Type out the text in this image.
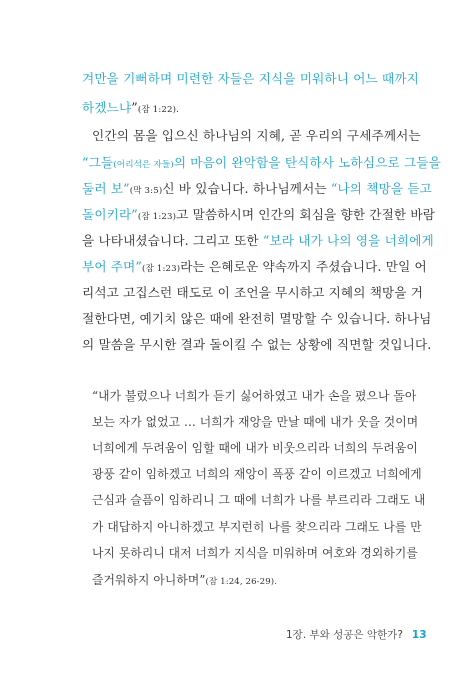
겨만을 기뻐하며 미련한 자들은 지식을 미워하니 어느 때까지
하겠느냐”(잠 1:22).
인간의 몸을 입으신 하나님의 지혜, 곧 우리의 구세주께서는
“그들(어리석은 자들)의 마음이 완악함을 탄식하사 노하심으로 그들을
둘러 보”(막 3:5)신 바 있습니다. 하나님께서는 “나의 책망을 듣고
돌이키라”(잠 1:23)고 말씀하시며 인간의 회심을 향한 간절한 바람
을 나타내셨습니다. 그리고 또한 “보라 내가 나의 영을 너희에게
부어 주며”(잠 1:23)라는 은혜로운 약속까지 주셨습니다. 만일 어
리석고 고집스런 태도로 이 조언을 무시하고 지혜의 책망을 거
절한다면, 예기치 않은 때에 완전히 멸망할 수 있습니다. 하나님
의 말씀을 무시한 결과 돌이킬 수 없는 상황에 직면할 것입니다.
“내가 불렀으나 너희가 듣기 싫어하였고 내가 손을 폈으나 돌아
보는 자가 없었고 … 너희가 재앙을 만날 때에 내가 웃을 것이며
너희에게 두려움이 임할 때에 내가 비웃으리라 너희의 두려움이
광풍 같이 임하겠고 너희의 재앙이 폭풍 같이 이르겠고 너희에게
근심과 슬픔이 임하리니 그 때에 너희가 나를 부르리라 그래도 내
가 대답하지 아니하겠고 부지런히 나를 찾으리라 그래도 나를 만
나지 못하리니 대저 너희가 지식을 미워하며 여호와 경외하기를
즐거워하지 아니하며”(잠 1:24, 26-29).
1장. 부와 성공은 악한가? 13
